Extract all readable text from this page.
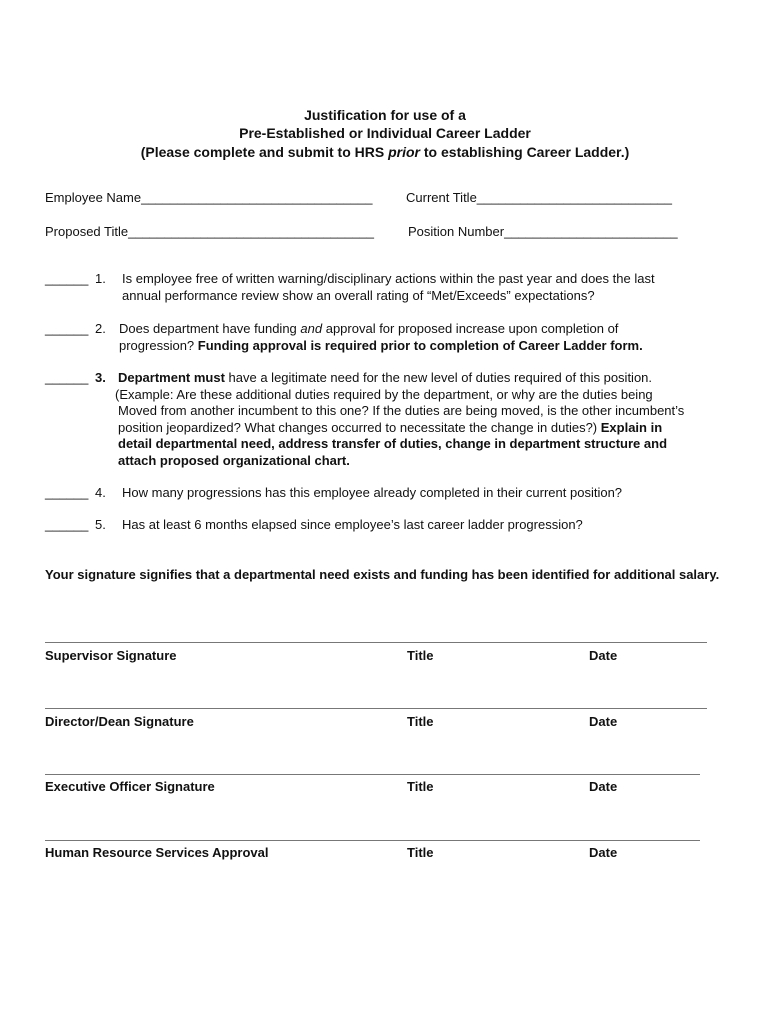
Justification for use of a
Pre-Established or Individual Career Ladder
(Please complete and submit to HRS prior to establishing Career Ladder.)
Employee Name________________________________	Current Title___________________________
Proposed Title__________________________________	Position Number________________________
______ 1. Is employee free of written warning/disciplinary actions within the past year and does the last
annual performance review show an overall rating of “Met/Exceeds” expectations?
______ 2. Does department have funding and approval for proposed increase upon completion of
progression? Funding approval is required prior to completion of Career Ladder form.
______ 3. Department must have a legitimate need for the new level of duties required of this position.
(Example: Are these additional duties required by the department, or why are the duties being
Moved from another incumbent to this one? If the duties are being moved, is the other incumbent’s
position jeopardized? What changes occurred to necessitate the change in duties?) Explain in
detail departmental need, address transfer of duties, change in department structure and
attach proposed organizational chart.
______ 4. How many progressions has this employee already completed in their current position?
______ 5. Has at least 6 months elapsed since employee’s last career ladder progression?
Your signature signifies that a departmental need exists and funding has been identified for additional salary.
Supervisor Signature	Title	Date
Director/Dean Signature	Title	Date
Executive Officer Signature	Title	Date
Human Resource Services Approval	Title	Date
